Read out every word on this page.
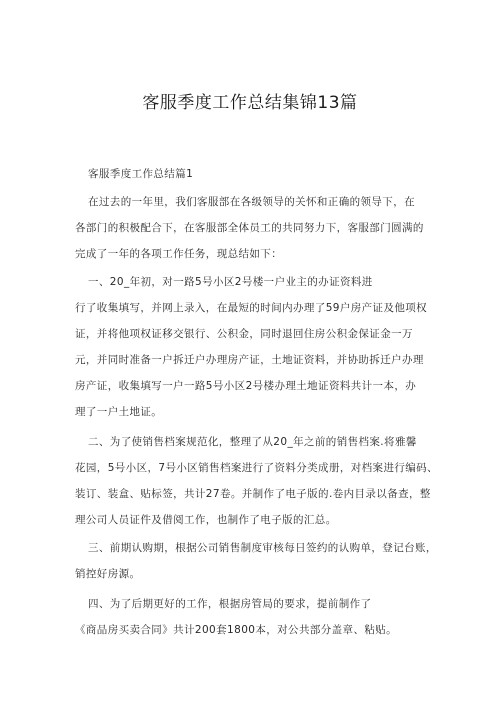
客服季度工作总结集锦13篇

客服季度工作总结篇1

在过去的一年里，我们客服部在各级领导的关怀和正确的领导下，在

各部门的积极配合下，在客服部全体员工的共同努力下，客服部门圆满的

完成了一年的各项工作任务，现总结如下：

一、20_年初，对一路5号小区2号楼一户业主的办证资料进

行了收集填写，并网上录入，在最短的时间内办理了59户房产证及他项权

证，并将他项权证移交银行、公积金，同时退回住房公积金保证金一万

元，并同时准备一户拆迁户办理房产证，土地证资料，并协助拆迁户办理

房产证，收集填写一户一路5号小区2号楼办理土地证资料共计一本，办

理了一户土地证。

二、为了使销售档案规范化，整理了从20_年之前的销售档案.将雅馨

花园，5号小区，7号小区销售档案进行了资料分类成册，对档案进行编码、

装订、装盒、贴标签，共计27卷。并制作了电子版的.卷内目录以备查，整

理公司人员证件及借阅工作，也制作了电子版的汇总。

三、前期认购期，根据公司销售制度审核每日签约的认购单，登记台账，

销控好房源。

四、为了后期更好的工作，根据房管局的要求，提前制作了

《商品房买卖合同》共计200套1800本，对公共部分盖章、粘贴。
